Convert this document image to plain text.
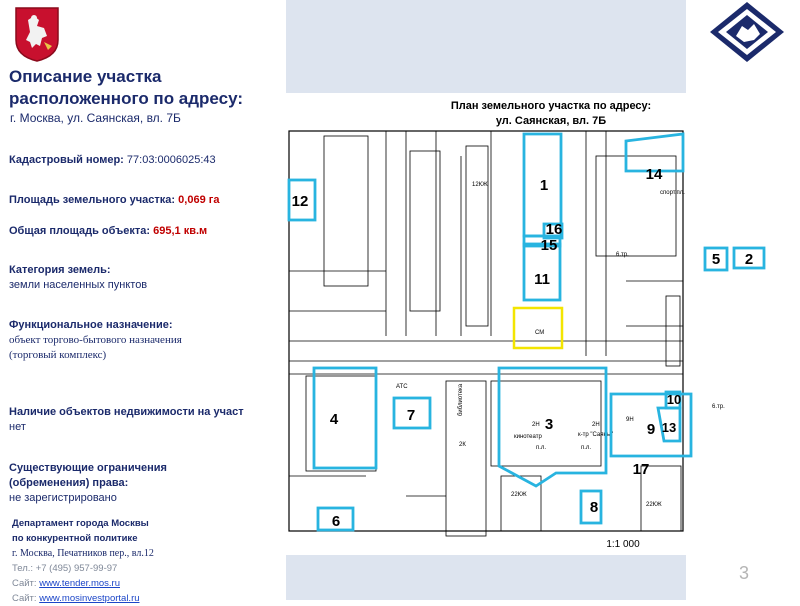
Описание участка
расположенного по адресу:
г. Москва, ул. Саянская, вл. 7Б
Кадастровый номер: 77:03:0006025:43
Площадь земельного участка: 0,069 га
Общая площадь объекта: 695,1 кв.м
Категория земель:
земли населенных пунктов
Функциональное назначение:
объект торгово-бытового назначения
(торговый комплекс)
Наличие объектов недвижимости на участ
нет
Существующие ограничения
(обременения) права:
не зарегистрировано
Департамент города Москвы
по конкурентной политике
г. Москва, Печатников пер., вл.12
Тел.: +7 (495) 957-99-97
Сайт: www.tender.mos.ru
Сайт: www.mosinvestportal.ru
3
План земельного участка по адресу:
ул. Саянская, вл. 7Б
12КЖ
2Н	2Н
кинотеатр	к-тр "Саяны"
п.л.	п.л.
2К
библиотека
АТС
спорт.пл.
6.тр.
6.тр.
22КЖ
22КЖ
9Н
СМ
1
2
3
4
5
6
7
8
9
10
11
12
13
14
15
16
17
1:1 000
